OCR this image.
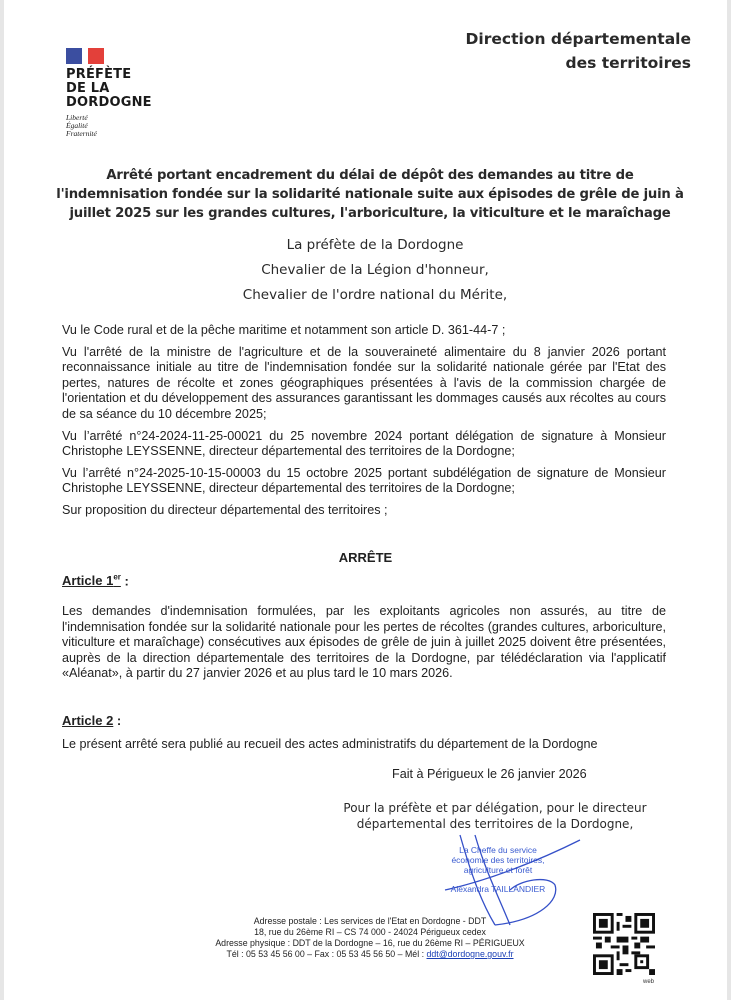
PRÉFÈTE
DE LA
DORDOGNE
Liberté
Égalité
Fraternité
Direction départementale
des territoires
Arrêté portant encadrement du délai de dépôt des demandes au titre de l'indemnisation fondée sur la solidarité nationale suite aux épisodes de grêle de juin à juillet 2025 sur les grandes cultures, l'arboriculture, la viticulture et le maraîchage
La préfète de la Dordogne
Chevalier de la Légion d'honneur,
Chevalier de l'ordre national du Mérite,

Vu le Code rural et de la pêche maritime et notamment son article D. 361-44-7 ;

Vu l'arrêté de la ministre de l'agriculture et de la souveraineté alimentaire du 8 janvier 2026 portant reconnaissance initiale au titre de l'indemnisation fondée sur la solidarité nationale gérée par l'Etat des pertes, natures de récolte et zones géographiques présentées à l'avis de la commission chargée de l'orientation et du développement des assurances garantissant les dommages causés aux récoltes au cours de sa séance du 10 décembre 2025;

Vu l’arrêté n°24-2024-11-25-00021 du 25 novembre 2024 portant délégation de signature à Monsieur Christophe LEYSSENNE, directeur départemental des territoires de la Dordogne;

Vu l’arrêté n°24-2025-10-15-00003 du 15 octobre 2025 portant subdélégation de signature de Monsieur Christophe LEYSSENNE, directeur départemental des territoires de la Dordogne;

Sur proposition du directeur départemental des territoires ;

ARRÊTE
Article 1er :
Les demandes d'indemnisation formulées, par les exploitants agricoles non assurés, au titre de l'indemnisation fondée sur la solidarité nationale pour les pertes de récoltes (grandes cultures, arboriculture, viticulture et maraîchage) consécutives aux épisodes de grêle de juin à juillet 2025 doivent être présentées, auprès de la direction départementale des territoires de la Dordogne, par télédéclaration via l'applicatif «Aléanat», à partir du 27 janvier 2026 et au plus tard le 10 mars 2026.
Article 2 :
Le présent arrêté sera publié au recueil des actes administratifs du département de la Dordogne
Fait à Périgueux le 26 janvier 2026
Pour la préfète et par délégation, pour le directeur
départemental des territoires de la Dordogne,
La Cheffe du service
économie des territoires,
agriculture et forêt
Alexandra TAILLANDIER
Adresse postale : Les services de l'Etat en Dordogne - DDT
18, rue du 26ème RI – CS 74 000 - 24024 Périgueux cedex
Adresse physique : DDT de la Dordogne – 16, rue du 26ème RI – PÉRIGUEUX
Tél : 05 53 45 56 00 – Fax : 05 53 45 56 50 – Mél : ddt@dordogne.gouv.fr
web
